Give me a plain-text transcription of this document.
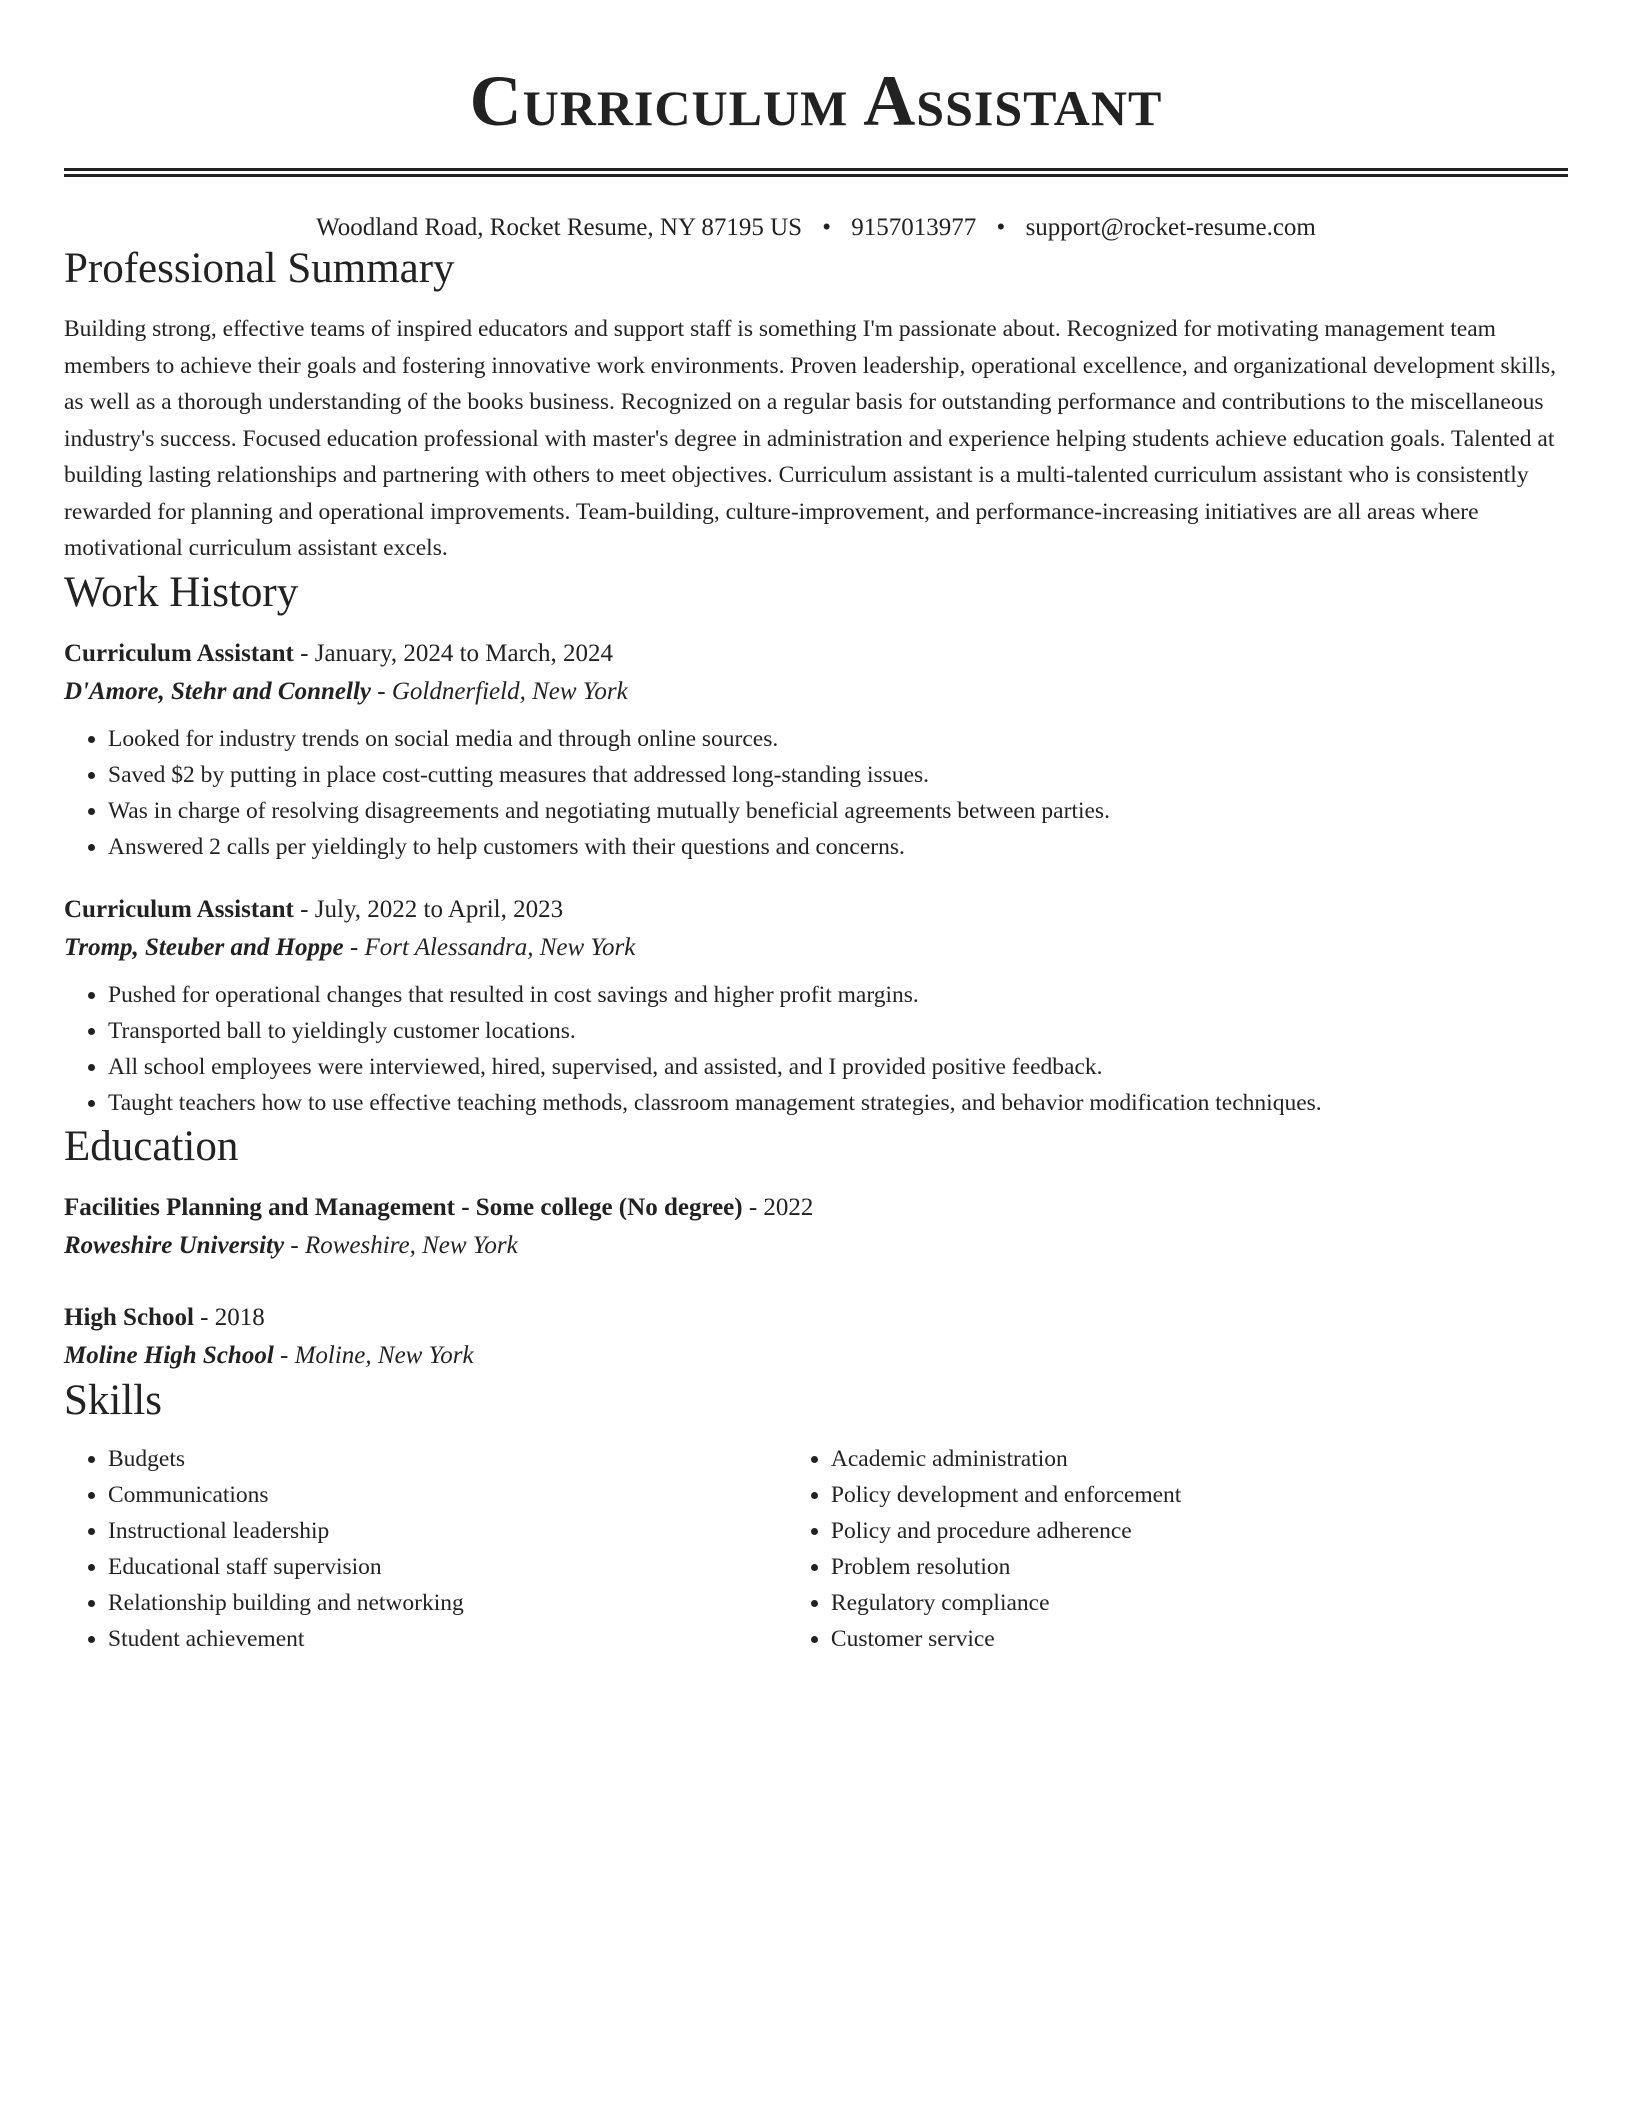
Curriculum Assistant
Woodland Road, Rocket Resume, NY 87195 US • 9157013977 • support@rocket-resume.com
Professional Summary
Building strong, effective teams of inspired educators and support staff is something I'm passionate about. Recognized for motivating management team members to achieve their goals and fostering innovative work environments. Proven leadership, operational excellence, and organizational development skills, as well as a thorough understanding of the books business. Recognized on a regular basis for outstanding performance and contributions to the miscellaneous industry's success. Focused education professional with master's degree in administration and experience helping students achieve education goals. Talented at building lasting relationships and partnering with others to meet objectives. Curriculum assistant is a multi-talented curriculum assistant who is consistently rewarded for planning and operational improvements. Team-building, culture-improvement, and performance-increasing initiatives are all areas where motivational curriculum assistant excels.
Work History
Curriculum Assistant - January, 2024 to March, 2024
D'Amore, Stehr and Connelly - Goldnerfield, New York
• Looked for industry trends on social media and through online sources.
• Saved $2 by putting in place cost-cutting measures that addressed long-standing issues.
• Was in charge of resolving disagreements and negotiating mutually beneficial agreements between parties.
• Answered 2 calls per yieldingly to help customers with their questions and concerns.
Curriculum Assistant - July, 2022 to April, 2023
Tromp, Steuber and Hoppe - Fort Alessandra, New York
• Pushed for operational changes that resulted in cost savings and higher profit margins.
• Transported ball to yieldingly customer locations.
• All school employees were interviewed, hired, supervised, and assisted, and I provided positive feedback.
• Taught teachers how to use effective teaching methods, classroom management strategies, and behavior modification techniques.
Education
Facilities Planning and Management - Some college (No degree) - 2022
Roweshire University - Roweshire, New York
High School - 2018
Moline High School - Moline, New York
Skills
• Budgets
• Communications
• Instructional leadership
• Educational staff supervision
• Relationship building and networking
• Student achievement
• Academic administration
• Policy development and enforcement
• Policy and procedure adherence
• Problem resolution
• Regulatory compliance
• Customer service
